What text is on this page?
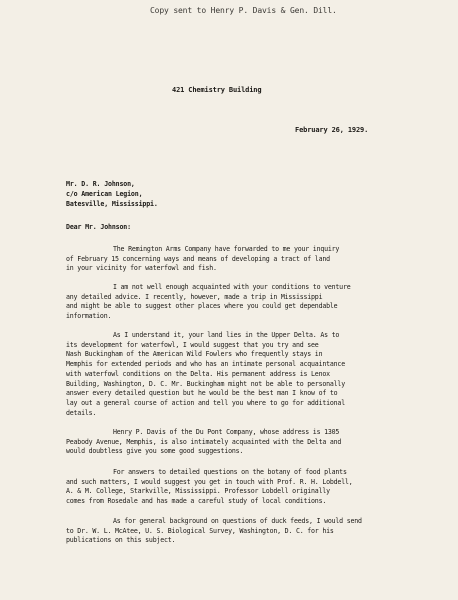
Copy sent to Henry P. Davis & Gen. Dill.
421 Chemistry Building
February 26, 1929.
Mr. D. R. Johnson,
c/o American Legion,
Batesville, Mississippi.
Dear Mr. Johnson:
The Remington Arms Company have forwarded to me your inquiry
of February 15 concerning ways and means of developing a tract of land
in your vicinity for waterfowl and fish.
I am not well enough acquainted with your conditions to venture
any detailed advice. I recently, however, made a trip in Mississippi
and might be able to suggest other places where you could get dependable
information.
As I understand it, your land lies in the Upper Delta. As to
its development for waterfowl, I would suggest that you try and see
Nash Buckingham of the American Wild Fowlers who frequently stays in
Memphis for extended periods and who has an intimate personal acquaintance
with waterfowl conditions on the Delta. His permanent address is Lenox
Building, Washington, D. C. Mr. Buckingham might not be able to personally
answer every detailed question but he would be the best man I know of to
lay out a general course of action and tell you where to go for additional
details.
Henry P. Davis of the Du Pont Company, whose address is 1305
Peabody Avenue, Memphis, is also intimately acquainted with the Delta and
would doubtless give you some good suggestions.
For answers to detailed questions on the botany of food plants
and such matters, I would suggest you get in touch with Prof. R. H. Lobdell,
A. & M. College, Starkville, Mississippi. Professor Lobdell originally
comes from Rosedale and has made a careful study of local conditions.
As for general background on questions of duck feeds, I would send
to Dr. W. L. McAtee, U. S. Biological Survey, Washington, D. C. for his
publications on this subject.
